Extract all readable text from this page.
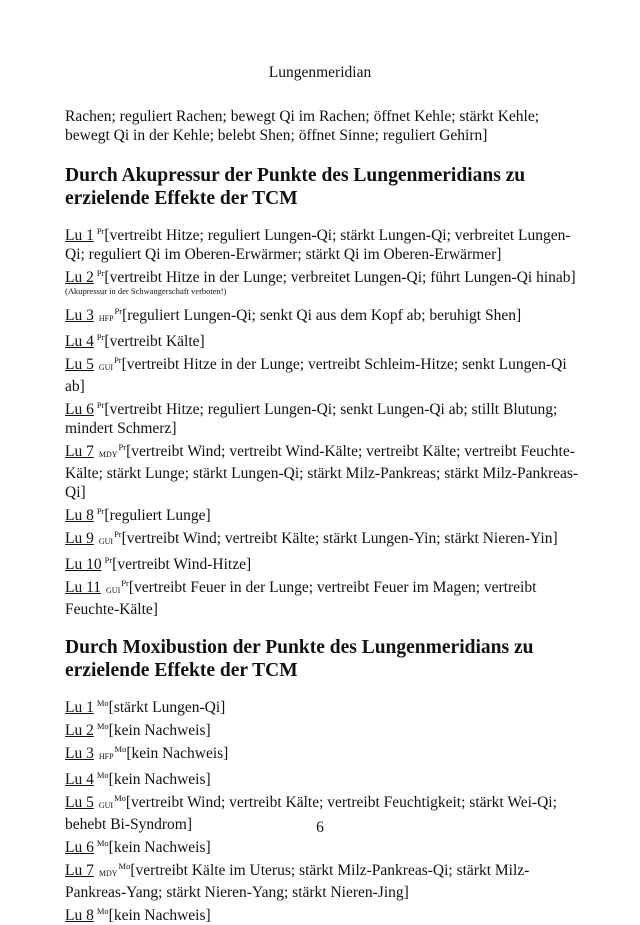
Lungenmeridian

Rachen; reguliert Rachen; bewegt Qi im Rachen; öffnet Kehle; stärkt Kehle; bewegt Qi in der Kehle; belebt Shen; öffnet Sinne; reguliert Gehirn]

Durch Akupressur der Punkte des Lungenmeridians zu erzielende Effekte der TCM

Lu 1 $^{Pr}$[vertreibt Hitze; reguliert Lungen-Qi; stärkt Lungen-Qi; verbreitet Lungen-Qi; reguliert Qi im Oberen-Erwärmer; stärkt Qi im Oberen-Erwärmer]

Lu 2 $^{Pr}$[vertreibt Hitze in der Lunge; verbreitet Lungen-Qi; führt Lungen-Qi hinab]

(Akupressur in der Schwangerschaft verboten!)

Lu 3 $_{HFP}^{Pr}$[reguliert Lungen-Qi; senkt Qi aus dem Kopf ab; beruhigt Shen]

Lu 4 $^{Pr}$[vertreibt Kälte]

Lu 5 $_{GUI}^{Pr}$[vertreibt Hitze in der Lunge; vertreibt Schleim-Hitze; senkt Lungen-Qi ab]

Lu 6 $^{Pr}$[vertreibt Hitze; reguliert Lungen-Qi; senkt Lungen-Qi ab; stillt Blutung; mindert Schmerz]

Lu 7 $_{MDY}^{Pr}$[vertreibt Wind; vertreibt Wind-Kälte; vertreibt Kälte; vertreibt Feuchte-Kälte; stärkt Lunge; stärkt Lungen-Qi; stärkt Milz-Pankreas; stärkt Milz-Pankreas-Qi]

Lu 8 $^{Pr}$[reguliert Lunge]

Lu 9 $_{GUI}^{Pr}$[vertreibt Wind; vertreibt Kälte; stärkt Lungen-Yin; stärkt Nieren-Yin]

Lu 10 $^{Pr}$[vertreibt Wind-Hitze]

Lu 11 $_{GUI}^{Pr}$[vertreibt Feuer in der Lunge; vertreibt Feuer im Magen; vertreibt Feuchte-Kälte]

Durch Moxibustion der Punkte des Lungenmeridians zu erzielende Effekte der TCM

Lu 1 $^{Mo}$[stärkt Lungen-Qi]

Lu 2 $^{Mo}$[kein Nachweis]

Lu 3 $_{HFP}^{Mo}$[kein Nachweis]

Lu 4 $^{Mo}$[kein Nachweis]

Lu 5 $_{GUI}^{Mo}$[vertreibt Wind; vertreibt Kälte; vertreibt Feuchtigkeit; stärkt Wei-Qi; behebt Bi-Syndrom]

Lu 6 $^{Mo}$[kein Nachweis]

Lu 7 $_{MDY}^{Mo}$[vertreibt Kälte im Uterus; stärkt Milz-Pankreas-Qi; stärkt Milz-Pankreas-Yang; stärkt Nieren-Yang; stärkt Nieren-Jing]

Lu 8 $^{Mo}$[kein Nachweis]

6
